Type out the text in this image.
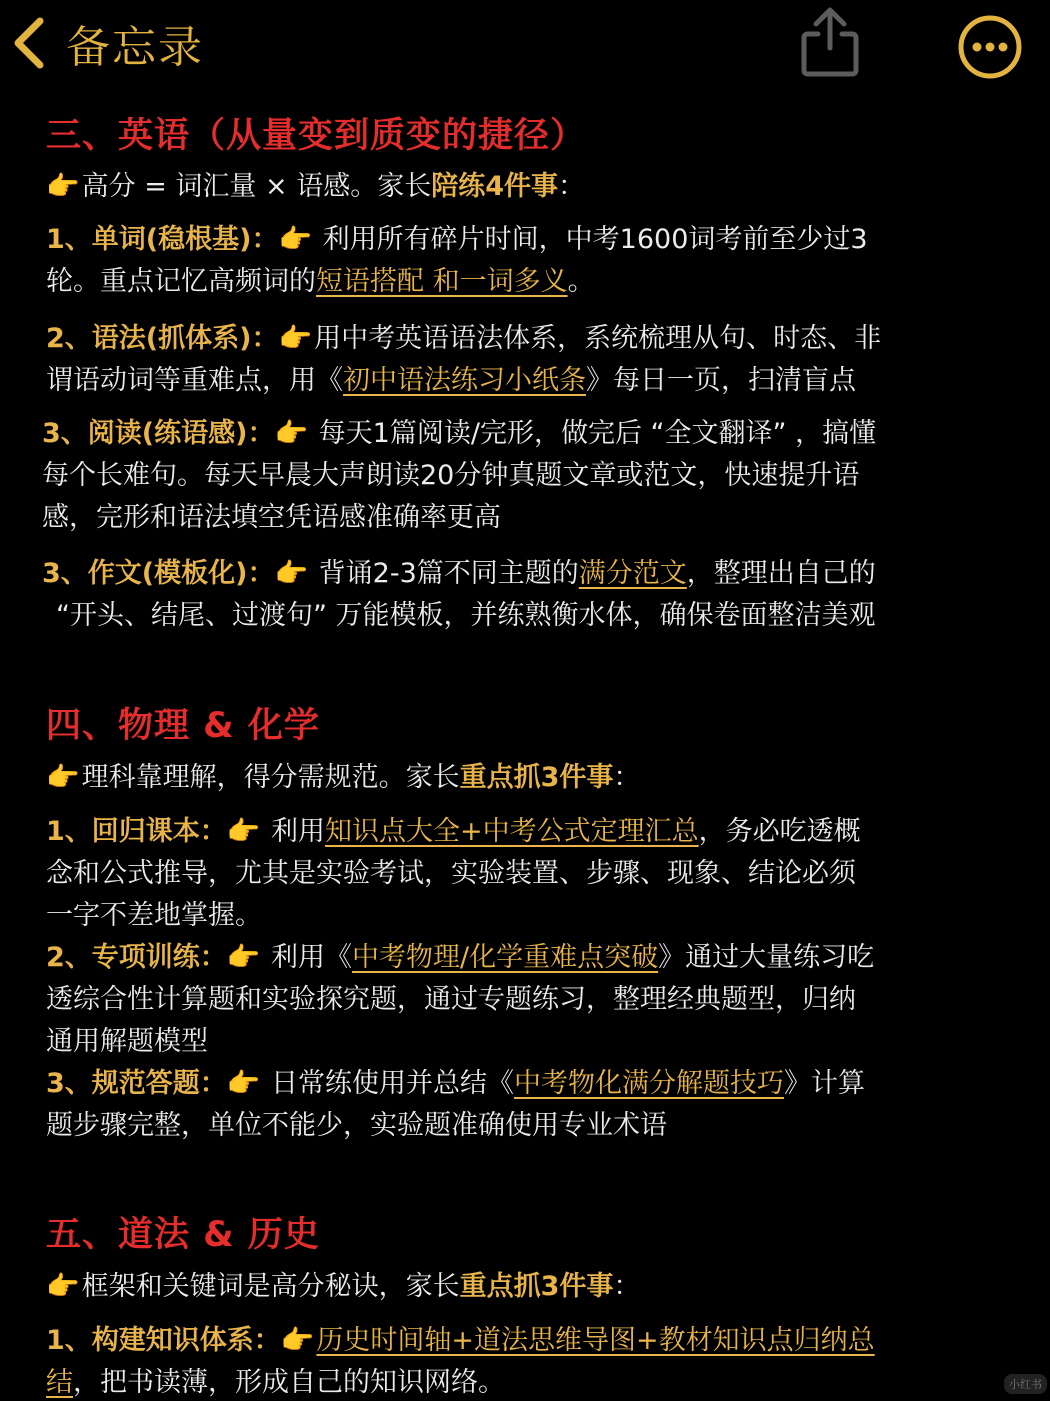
备忘录
三、英语（从量变到质变的捷径）
👉高分 = 词汇量 × 语感。家长陪练4件事：
1、单词(稳根基)：👉 利用所有碎片时间，中考1600词考前至少过3
轮。重点记忆高频词的短语搭配 和一词多义。
2、语法(抓体系)：👉用中考英语语法体系，系统梳理从句、时态、非
谓语动词等重难点，用《初中语法练习小纸条》每日一页，扫清盲点
3、阅读(练语感)：👉 每天1篇阅读/完形，做完后 “全文翻译” ，搞懂
每个长难句。每天早晨大声朗读20分钟真题文章或范文，快速提升语
感，完形和语法填空凭语感准确率更高
3、作文(模板化)：👉 背诵2-3篇不同主题的满分范文，整理出自己的
“开头、结尾、过渡句” 万能模板，并练熟衡水体，确保卷面整洁美观
四、物理 & 化学
👉理科靠理解，得分需规范。家长重点抓3件事：
1、回归课本：👉 利用知识点大全+中考公式定理汇总，务必吃透概
念和公式推导，尤其是实验考试，实验装置、步骤、现象、结论必须
一字不差地掌握。
2、专项训练：👉 利用《中考物理/化学重难点突破》通过大量练习吃
透综合性计算题和实验探究题，通过专题练习，整理经典题型，归纳
通用解题模型
3、规范答题：👉 日常练使用并总结《中考物化满分解题技巧》计算
题步骤完整，单位不能少，实验题准确使用专业术语
五、道法 & 历史
👉框架和关键词是高分秘诀，家长重点抓3件事：
1、构建知识体系：👉历史时间轴+道法思维导图+教材知识点归纳总
结，把书读薄，形成自己的知识网络。	小红书
